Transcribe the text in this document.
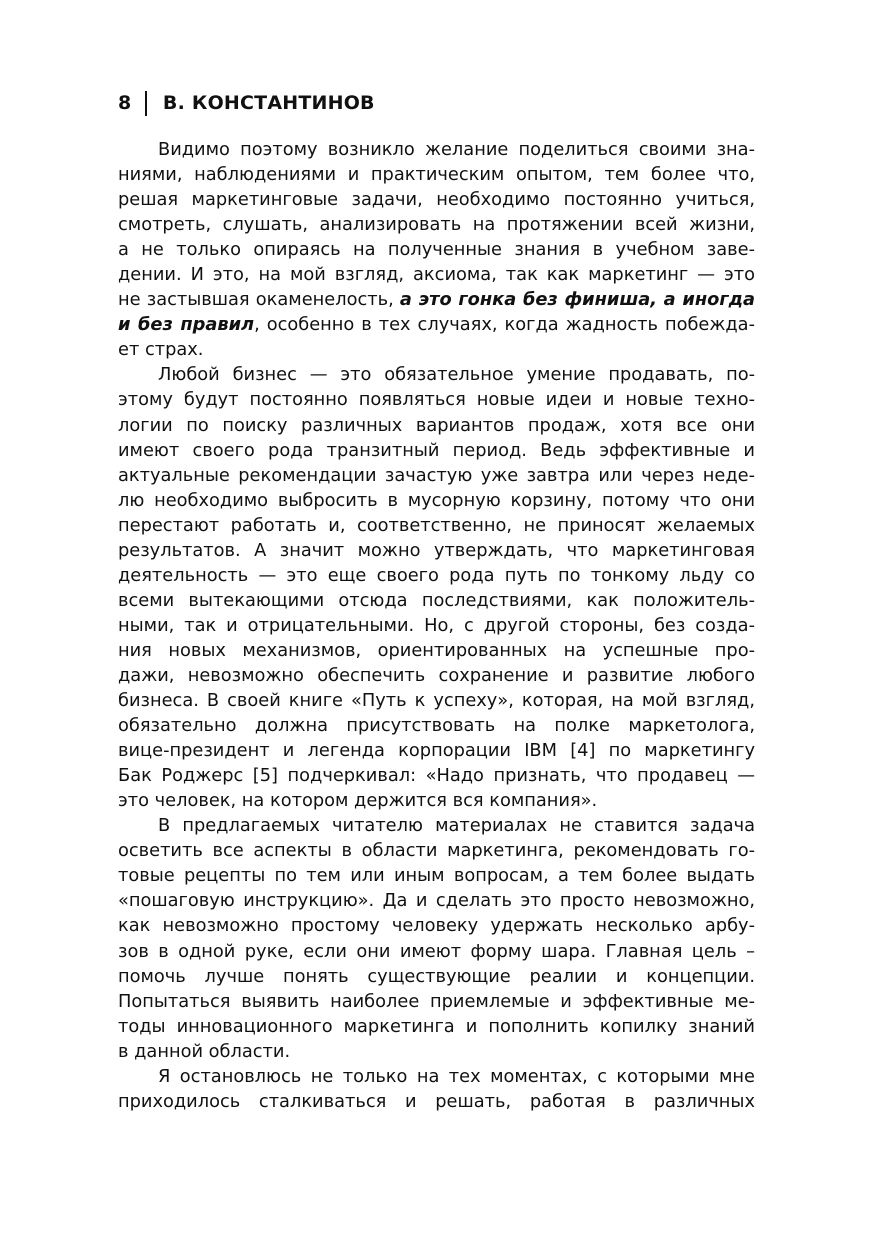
8 В. КОНСТАНТИНОВ
Видимо поэтому возникло желание поделиться своими зна-
ниями, наблюдениями и практическим опытом, тем более что,
решая маркетинговые задачи, необходимо постоянно учиться,
смотреть, слушать, анализировать на протяжении всей жизни,
а не только опираясь на полученные знания в учебном заве-
дении. И это, на мой взгляд, аксиома, так как маркетинг — это
не застывшая окаменелость, а это гонка без финиша, а иногда
и без правил, особенно в тех случаях, когда жадность побежда-
ет страх.
Любой бизнес — это обязательное умение продавать, по-
этому будут постоянно появляться новые идеи и новые техно-
логии по поиску различных вариантов продаж, хотя все они
имеют своего рода транзитный период. Ведь эффективные и
актуальные рекомендации зачастую уже завтра или через неде-
лю необходимо выбросить в мусорную корзину, потому что они
перестают работать и, соответственно, не приносят желаемых
результатов. А значит можно утверждать, что маркетинговая
деятельность — это еще своего рода путь по тонкому льду со
всеми вытекающими отсюда последствиями, как положитель-
ными, так и отрицательными. Но, с другой стороны, без созда-
ния новых механизмов, ориентированных на успешные про-
дажи, невозможно обеспечить сохранение и развитие любого
бизнеса. В своей книге «Путь к успеху», которая, на мой взгляд,
обязательно должна присутствовать на полке маркетолога,
вице-президент и легенда корпорации IBM [4] по маркетингу
Бак Роджерс [5] подчеркивал: «Надо признать, что продавец —
это человек, на котором держится вся компания».
В предлагаемых читателю материалах не ставится задача
осветить все аспекты в области маркетинга, рекомендовать го-
товые рецепты по тем или иным вопросам, а тем более выдать
«пошаговую инструкцию». Да и сделать это просто невозможно,
как невозможно простому человеку удержать несколько арбу-
зов в одной руке, если они имеют форму шара. Главная цель –
помочь лучше понять существующие реалии и концепции.
Попытаться выявить наиболее приемлемые и эффективные ме-
тоды инновационного маркетинга и пополнить копилку знаний
в данной области.
Я остановлюсь не только на тех моментах, с которыми мне
приходилось сталкиваться и решать, работая в различных
